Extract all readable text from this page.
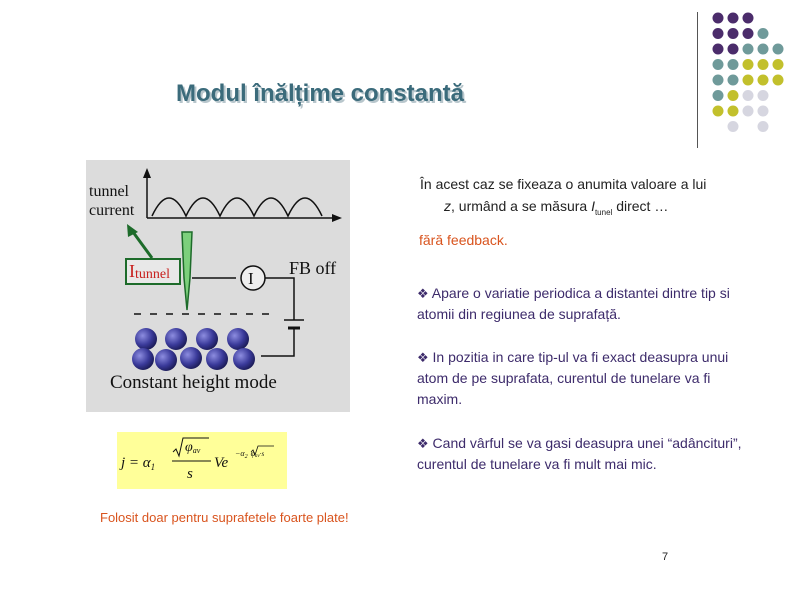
Modul înălțime constantă
tunnel
current
Itunnel	I
FB off
Constant height mode
$j = \alpha_1$
φav
s
Ve
$-\alpha_2$ φav·s
Folosit doar pentru suprafetele foarte plate!
În acest caz se fixeaza o anumita valoare a lui
z, urmând a se măsura $I_{tunel}$ direct …
fără feedback.
❖ Apare o variatie periodica a distantei dintre tip si atomii din regiunea de suprafață.
❖ In pozitia in care tip-ul va fi exact deasupra unui atom de pe suprafata, curentul de tunelare va fi maxim.
❖ Cand vârful se va gasi deasupra unei “adâncituri”, curentul de tunelare va fi mult mai mic.
7
